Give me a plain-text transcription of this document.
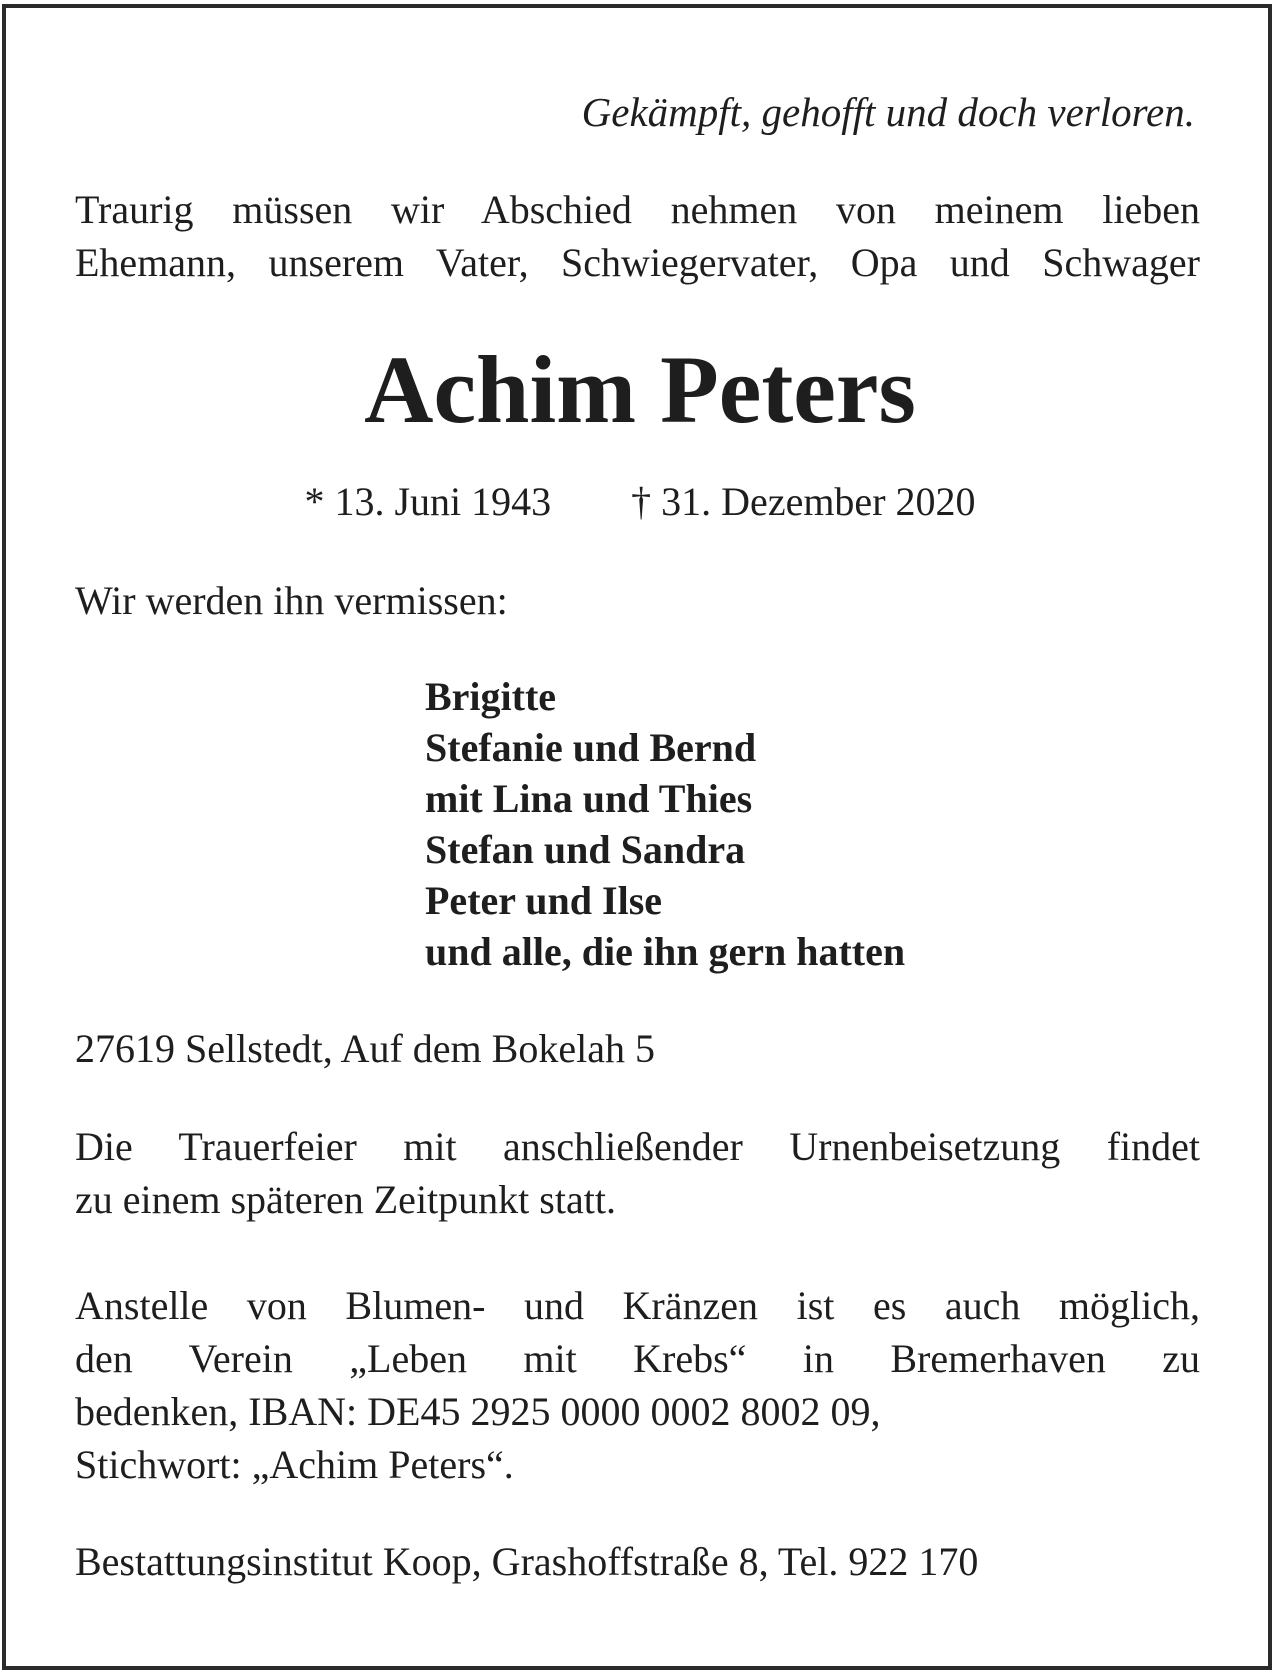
Gekämpft, gehofft und doch verloren.
Traurig müssen wir Abschied nehmen von meinem lieben
Ehemann, unserem Vater, Schwiegervater, Opa und Schwager
Achim Peters
* 13. Juni 1943 † 31. Dezember 2020
Wir werden ihn vermissen:
Brigitte
Stefanie und Bernd
mit Lina und Thies
Stefan und Sandra
Peter und Ilse
und alle, die ihn gern hatten
27619 Sellstedt, Auf dem Bokelah 5
Die Trauerfeier mit anschließender Urnenbeisetzung findet
zu einem späteren Zeitpunkt statt.
Anstelle von Blumen- und Kränzen ist es auch möglich,
den Verein „Leben mit Krebs“ in Bremerhaven zu
bedenken, IBAN: DE45 2925 0000 0002 8002 09,
Stichwort: „Achim Peters“.
Bestattungsinstitut Koop, Grashoffstraße 8, Tel. 922 170
